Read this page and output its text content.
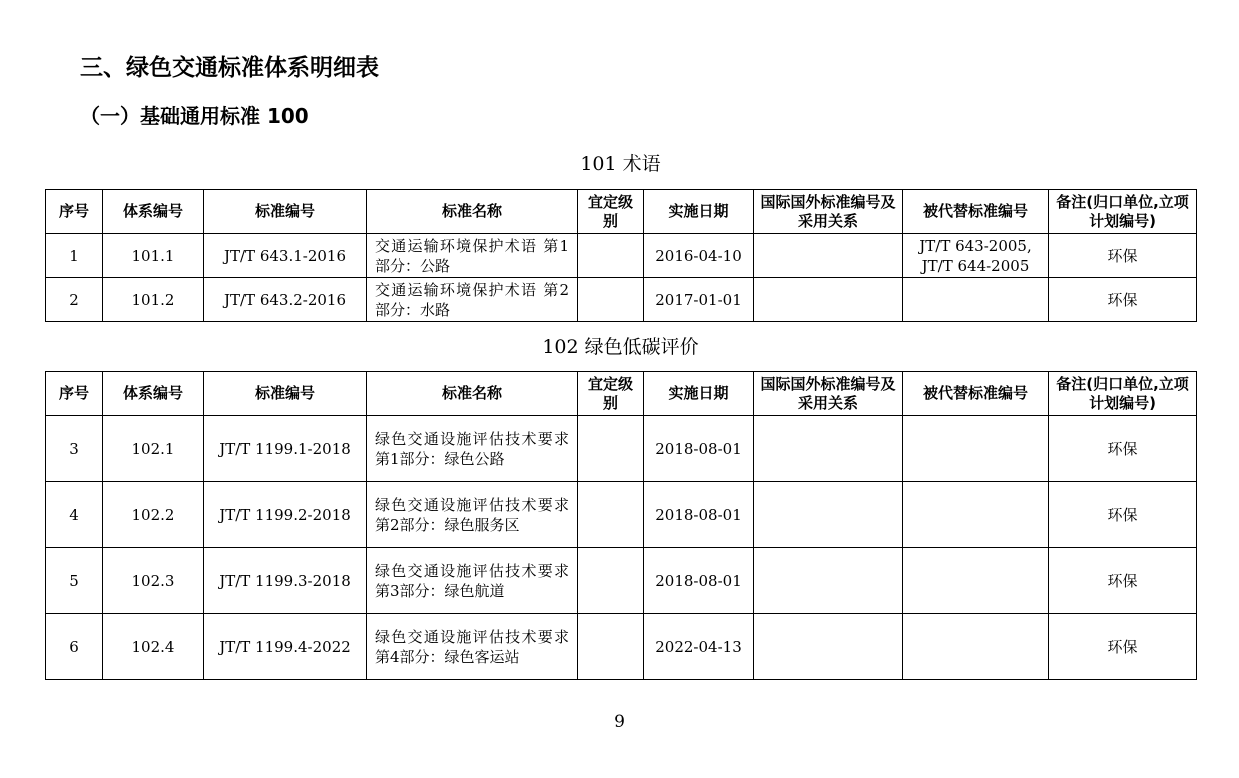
三、绿色交通标准体系明细表
（一）基础通用标准 100
101 术语
序号	体系编号	标准编号	标准名称	宜定级别	实施日期	国际国外标准编号及采用关系	被代替标准编号	备注(归口单位,立项计划编号)
1	101.1	JT/T 643.1-2016	交通运输环境保护术语 第1部分：公路		2016-04-10		JT/T 643-2005, JT/T 644-2005	环保
2	101.2	JT/T 643.2-2016	交通运输环境保护术语 第2部分：水路		2017-01-01			环保
102 绿色低碳评价
序号	体系编号	标准编号	标准名称	宜定级别	实施日期	国际国外标准编号及采用关系	被代替标准编号	备注(归口单位,立项计划编号)
3	102.1	JT/T 1199.1-2018	绿色交通设施评估技术要求 第1部分：绿色公路		2018-08-01			环保
4	102.2	JT/T 1199.2-2018	绿色交通设施评估技术要求 第2部分：绿色服务区		2018-08-01			环保
5	102.3	JT/T 1199.3-2018	绿色交通设施评估技术要求 第3部分：绿色航道		2018-08-01			环保
6	102.4	JT/T 1199.4-2022	绿色交通设施评估技术要求 第4部分：绿色客运站		2022-04-13			环保
9
